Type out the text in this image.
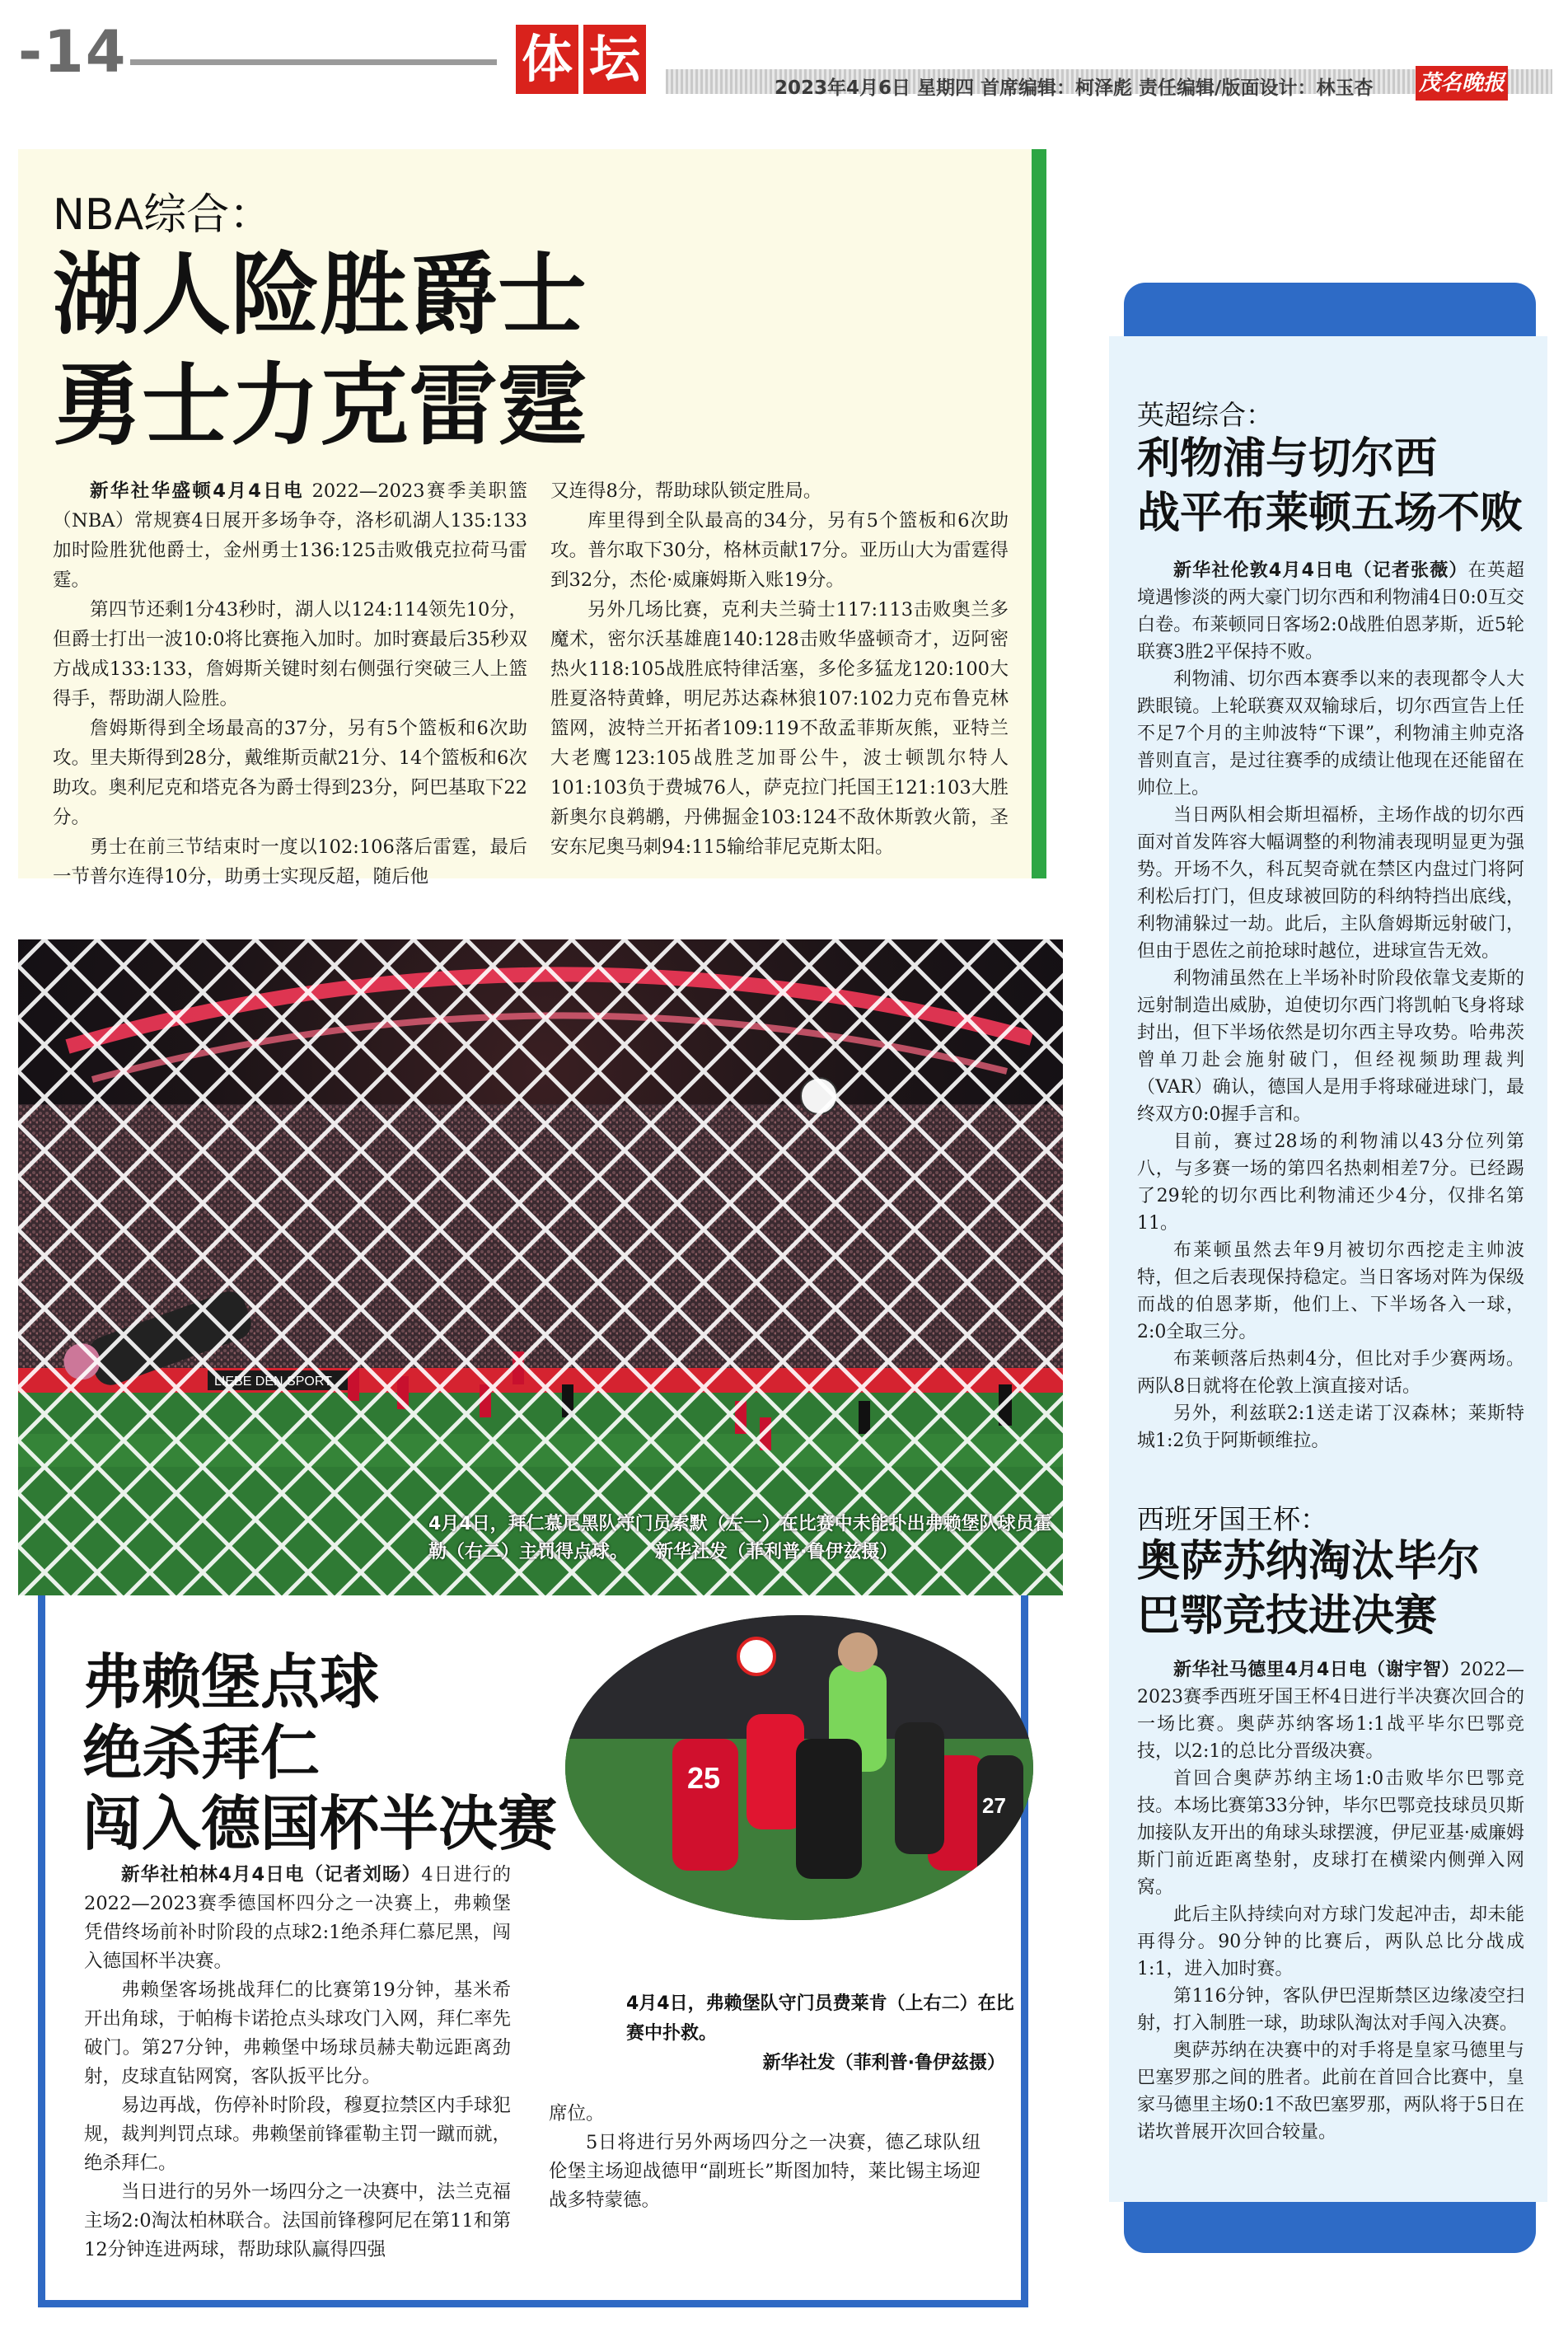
-14	体 坛	2023年4月6日 星期四 首席编辑：柯泽彪 责任编辑/版面设计：林玉杏 茂名晚报
NBA综合：
湖人险胜爵士
勇士力克雷霆

新华社华盛顿4月4日电 2022—2023赛季美职篮（NBA）常规赛4日展开多场争夺，洛杉矶湖人135:133加时险胜犹他爵士，金州勇士136:125击败俄克拉荷马雷霆。

第四节还剩1分43秒时，湖人以124:114领先10分，但爵士打出一波10:0将比赛拖入加时。加时赛最后35秒双方战成133:133，詹姆斯关键时刻右侧强行突破三人上篮得手，帮助湖人险胜。

詹姆斯得到全场最高的37分，另有5个篮板和6次助攻。里夫斯得到28分，戴维斯贡献21分、14个篮板和6次助攻。奥利尼克和塔克各为爵士得到23分，阿巴基取下22分。

勇士在前三节结束时一度以102:106落后雷霆，最后一节普尔连得10分，助勇士实现反超，随后他

又连得8分，帮助球队锁定胜局。

库里得到全队最高的34分，另有5个篮板和6次助攻。普尔取下30分，格林贡献17分。亚历山大为雷霆得到32分，杰伦·威廉姆斯入账19分。

另外几场比赛，克利夫兰骑士117:113击败奥兰多魔术，密尔沃基雄鹿140:128击败华盛顿奇才，迈阿密热火118:105战胜底特律活塞，多伦多猛龙120:100大胜夏洛特黄蜂，明尼苏达森林狼107:102力克布鲁克林篮网，波特兰开拓者109:119不敌孟菲斯灰熊，亚特兰大老鹰123:105战胜芝加哥公牛，波士顿凯尔特人101:103负于费城76人，萨克拉门托国王121:103大胜新奥尔良鹈鹕，丹佛掘金103:124不敌休斯敦火箭，圣安东尼奥马刺94:115输给菲尼克斯太阳。

4月4日，拜仁慕尼黑队守门员索默（左一）在比赛中未能扑出弗赖堡队球员霍勒（右二）主罚得点球。　　新华社发（菲利普·鲁伊兹摄）
弗赖堡点球
绝杀拜仁
闯入德国杯半决赛
25
27
4月4日，弗赖堡队守门员费莱肯（上右二）在比赛中扑救。
新华社发（菲利普·鲁伊兹摄）

新华社柏林4月4日电（记者刘旸）4日进行的2022—2023赛季德国杯四分之一决赛上，弗赖堡凭借终场前补时阶段的点球2:1绝杀拜仁慕尼黑，闯入德国杯半决赛。

弗赖堡客场挑战拜仁的比赛第19分钟，基米希开出角球，于帕梅卡诺抢点头球攻门入网，拜仁率先破门。第27分钟，弗赖堡中场球员赫夫勒远距离劲射，皮球直钻网窝，客队扳平比分。

易边再战，伤停补时阶段，穆夏拉禁区内手球犯规，裁判判罚点球。弗赖堡前锋霍勒主罚一蹴而就，绝杀拜仁。

当日进行的另外一场四分之一决赛中，法兰克福主场2:0淘汰柏林联合。法国前锋穆阿尼在第11和第12分钟连进两球，帮助球队赢得四强

席位。

5日将进行另外两场四分之一决赛，德乙球队纽伦堡主场迎战德甲“副班长”斯图加特，莱比锡主场迎战多特蒙德。

英超综合：
利物浦与切尔西
战平布莱顿五场不败

新华社伦敦4月4日电（记者张薇）在英超境遇惨淡的两大豪门切尔西和利物浦4日0:0互交白卷。布莱顿同日客场2:0战胜伯恩茅斯，近5轮联赛3胜2平保持不败。

利物浦、切尔西本赛季以来的表现都令人大跌眼镜。上轮联赛双双输球后，切尔西宣告上任不足7个月的主帅波特“下课”，利物浦主帅克洛普则直言，是过往赛季的成绩让他现在还能留在帅位上。

当日两队相会斯坦福桥，主场作战的切尔西面对首发阵容大幅调整的利物浦表现明显更为强势。开场不久，科瓦契奇就在禁区内盘过门将阿利松后打门，但皮球被回防的科纳特挡出底线，利物浦躲过一劫。此后，主队詹姆斯远射破门，但由于恩佐之前抢球时越位，进球宣告无效。

利物浦虽然在上半场补时阶段依靠戈麦斯的远射制造出威胁，迫使切尔西门将凯帕飞身将球封出，但下半场依然是切尔西主导攻势。哈弗茨曾单刀赴会施射破门，但经视频助理裁判（VAR）确认，德国人是用手将球碰进球门，最终双方0:0握手言和。

目前，赛过28场的利物浦以43分位列第八，与多赛一场的第四名热刺相差7分。已经踢了29轮的切尔西比利物浦还少4分，仅排名第11。

布莱顿虽然去年9月被切尔西挖走主帅波特，但之后表现保持稳定。当日客场对阵为保级而战的伯恩茅斯，他们上、下半场各入一球，2:0全取三分。

布莱顿落后热刺4分，但比对手少赛两场。两队8日就将在伦敦上演直接对话。

另外，利兹联2:1送走诺丁汉森林；莱斯特城1:2负于阿斯顿维拉。

西班牙国王杯：
奥萨苏纳淘汰毕尔
巴鄂竞技进决赛

新华社马德里4月4日电（谢宇智）2022—2023赛季西班牙国王杯4日进行半决赛次回合的一场比赛。奥萨苏纳客场1:1战平毕尔巴鄂竞技，以2:1的总比分晋级决赛。

首回合奥萨苏纳主场1:0击败毕尔巴鄂竞技。本场比赛第33分钟，毕尔巴鄂竞技球员贝斯加接队友开出的角球头球摆渡，伊尼亚基·威廉姆斯门前近距离垫射，皮球打在横梁内侧弹入网窝。

此后主队持续向对方球门发起冲击，却未能再得分。90分钟的比赛后，两队总比分战成1:1，进入加时赛。

第116分钟，客队伊巴涅斯禁区边缘凌空扫射，打入制胜一球，助球队淘汰对手闯入决赛。

奥萨苏纳在决赛中的对手将是皇家马德里与巴塞罗那之间的胜者。此前在首回合比赛中，皇家马德里主场0:1不敌巴塞罗那，两队将于5日在诺坎普展开次回合较量。
